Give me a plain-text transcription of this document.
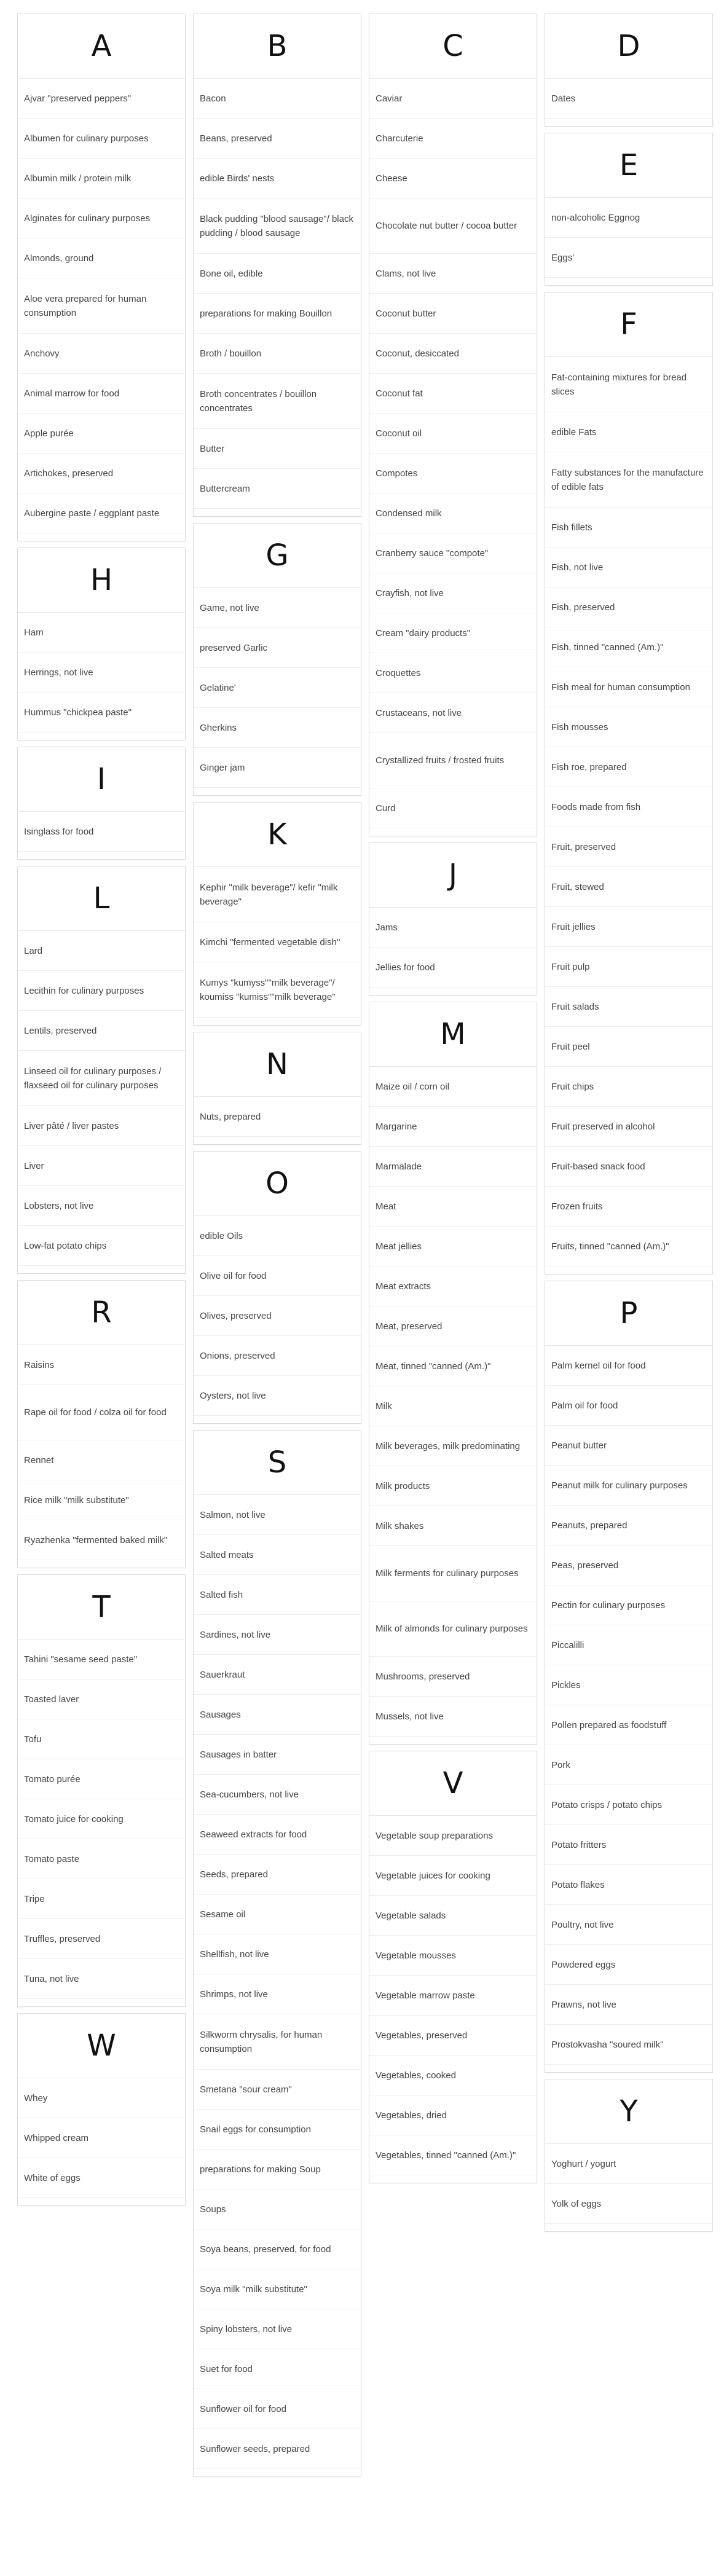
A
Ajvar "preserved peppers"
Albumen for culinary purposes
Albumin milk / protein milk
Alginates for culinary purposes
Almonds, ground
Aloe vera prepared for human consumption
Anchovy
Animal marrow for food
Apple purée
Artichokes, preserved
Aubergine paste / eggplant paste
H
Ham
Herrings, not live
Hummus "chickpea paste"
I
Isinglass for food
L
Lard
Lecithin for culinary purposes
Lentils, preserved
Linseed oil for culinary purposes / flaxseed oil for culinary purposes
Liver pâté / liver pastes
Liver
Lobsters, not live
Low-fat potato chips
R
Raisins
Rape oil for food / colza oil for food
Rennet
Rice milk "milk substitute"
Ryazhenka "fermented baked milk"
T
Tahini "sesame seed paste"
Toasted laver
Tofu
Tomato purée
Tomato juice for cooking
Tomato paste
Tripe
Truffles, preserved
Tuna, not live
W
Whey
Whipped cream
White of eggs
B
Bacon
Beans, preserved
edible Birds' nests
Black pudding "blood sausage"/ black pudding / blood sausage
Bone oil, edible
preparations for making Bouillon
Broth / bouillon
Broth concentrates / bouillon concentrates
Butter
Buttercream
G
Game, not live
preserved Garlic
Gelatine'
Gherkins
Ginger jam
K
Kephir "milk beverage"/ kefir "milk beverage"
Kimchi "fermented vegetable dish"
Kumys "kumyss""milk beverage"/ koumiss "kumiss""milk beverage"
N
Nuts, prepared
O
edible Oils
Olive oil for food
Olives, preserved
Onions, preserved
Oysters, not live
S
Salmon, not live
Salted meats
Salted fish
Sardines, not live
Sauerkraut
Sausages
Sausages in batter
Sea-cucumbers, not live
Seaweed extracts for food
Seeds, prepared
Sesame oil
Shellfish, not live
Shrimps, not live
Silkworm chrysalis, for human consumption
Smetana "sour cream"
Snail eggs for consumption
preparations for making Soup
Soups
Soya beans, preserved, for food
Soya milk "milk substitute"
Spiny lobsters, not live
Suet for food
Sunflower oil for food
Sunflower seeds, prepared
C
Caviar
Charcuterie
Cheese
Chocolate nut butter / cocoa butter
Clams, not live
Coconut butter
Coconut, desiccated
Coconut fat
Coconut oil
Compotes
Condensed milk
Cranberry sauce "compote"
Crayfish, not live
Cream "dairy products"
Croquettes
Crustaceans, not live
Crystallized fruits / frosted fruits
Curd
J
Jams
Jellies for food
M
Maize oil / corn oil
Margarine
Marmalade
Meat
Meat jellies
Meat extracts
Meat, preserved
Meat, tinned "canned (Am.)"
Milk
Milk beverages, milk predominating
Milk products
Milk shakes
Milk ferments for culinary purposes
Milk of almonds for culinary purposes
Mushrooms, preserved
Mussels, not live
V
Vegetable soup preparations
Vegetable juices for cooking
Vegetable salads
Vegetable mousses
Vegetable marrow paste
Vegetables, preserved
Vegetables, cooked
Vegetables, dried
Vegetables, tinned "canned (Am.)"
D
Dates
E
non-alcoholic Eggnog
Eggs'
F
Fat-containing mixtures for bread slices
edible Fats
Fatty substances for the manufacture of edible fats
Fish fillets
Fish, not live
Fish, preserved
Fish, tinned "canned (Am.)"
Fish meal for human consumption
Fish mousses
Fish roe, prepared
Foods made from fish
Fruit, preserved
Fruit, stewed
Fruit jellies
Fruit pulp
Fruit salads
Fruit peel
Fruit chips
Fruit preserved in alcohol
Fruit-based snack food
Frozen fruits
Fruits, tinned "canned (Am.)"
P
Palm kernel oil for food
Palm oil for food
Peanut butter
Peanut milk for culinary purposes
Peanuts, prepared
Peas, preserved
Pectin for culinary purposes
Piccalilli
Pickles
Pollen prepared as foodstuff
Pork
Potato crisps / potato chips
Potato fritters
Potato flakes
Poultry, not live
Powdered eggs
Prawns, not live
Prostokvasha "soured milk"
Y
Yoghurt / yogurt
Yolk of eggs
